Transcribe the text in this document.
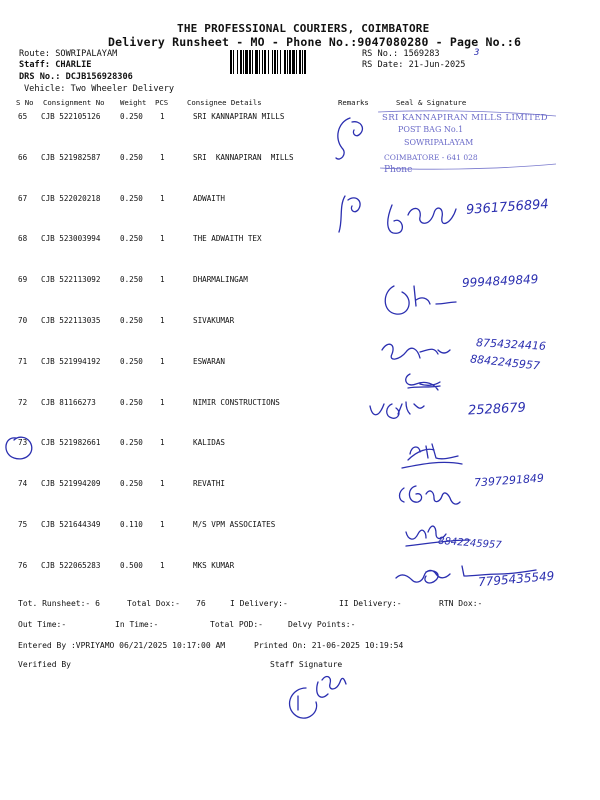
THE PROFESSIONAL COURIERS, COIMBATORE
Delivery Runsheet - MO - Phone No.:9047080280 - Page No.:6
Route: SOWRIPALAYAM
Staff: CHARLIE
DRS No.: DCJB156928306
Vehicle: Two Wheeler Delivery
RS No.: 1569283
RS Date: 21-Jun-2025
S No Consignment No Weight PCS	Consignee Details	Remarks	Seal & Signature
65 CJB 522105126	0.250 1	SRI KANNAPIRAN MILLS
66 CJB 521982587	0.250 1	SRI  KANNAPIRAN  MILLS
67 CJB 522020218	0.250 1	ADWAITH
68 CJB 523003994	0.250 1	THE ADWAITH TEX
69 CJB 522113092	0.250 1	DHARMALINGAM
70 CJB 522113035	0.250 1	SIVAKUMAR
71 CJB 521994192	0.250 1	ESWARAN
72 CJB 81166273	0.250 1	NIMIR CONSTRUCTIONS
73 CJB 521982661	0.250 1	KALIDAS
74 CJB 521994209	0.250 1	REVATHI
75 CJB 521644349	0.110 1	M/S VPM ASSOCIATES
76 CJB 522065283	0.500 1	MKS KUMAR
SRI KANNAPIRAN MILLS LIMITED
POST BAG No.1
SOWRIPALAYAM
COIMBATORE - 641 028
Phone
3
9361756894
9994849849
8754324416
8842245957
2528679
7397291849
8842245957
7795435549
Tot. Runsheet:- 6	Total Dox:- 76	I Delivery:-	II Delivery:-	RTN Dox:-
Out Time:-	In Time:-	Total POD:-	Delvy Points:-
Entered By :VPRIYAMO 06/21/2025 10:17:00 AM	Printed On: 21-06-2025 10:19:54
Verified By	Staff Signature
